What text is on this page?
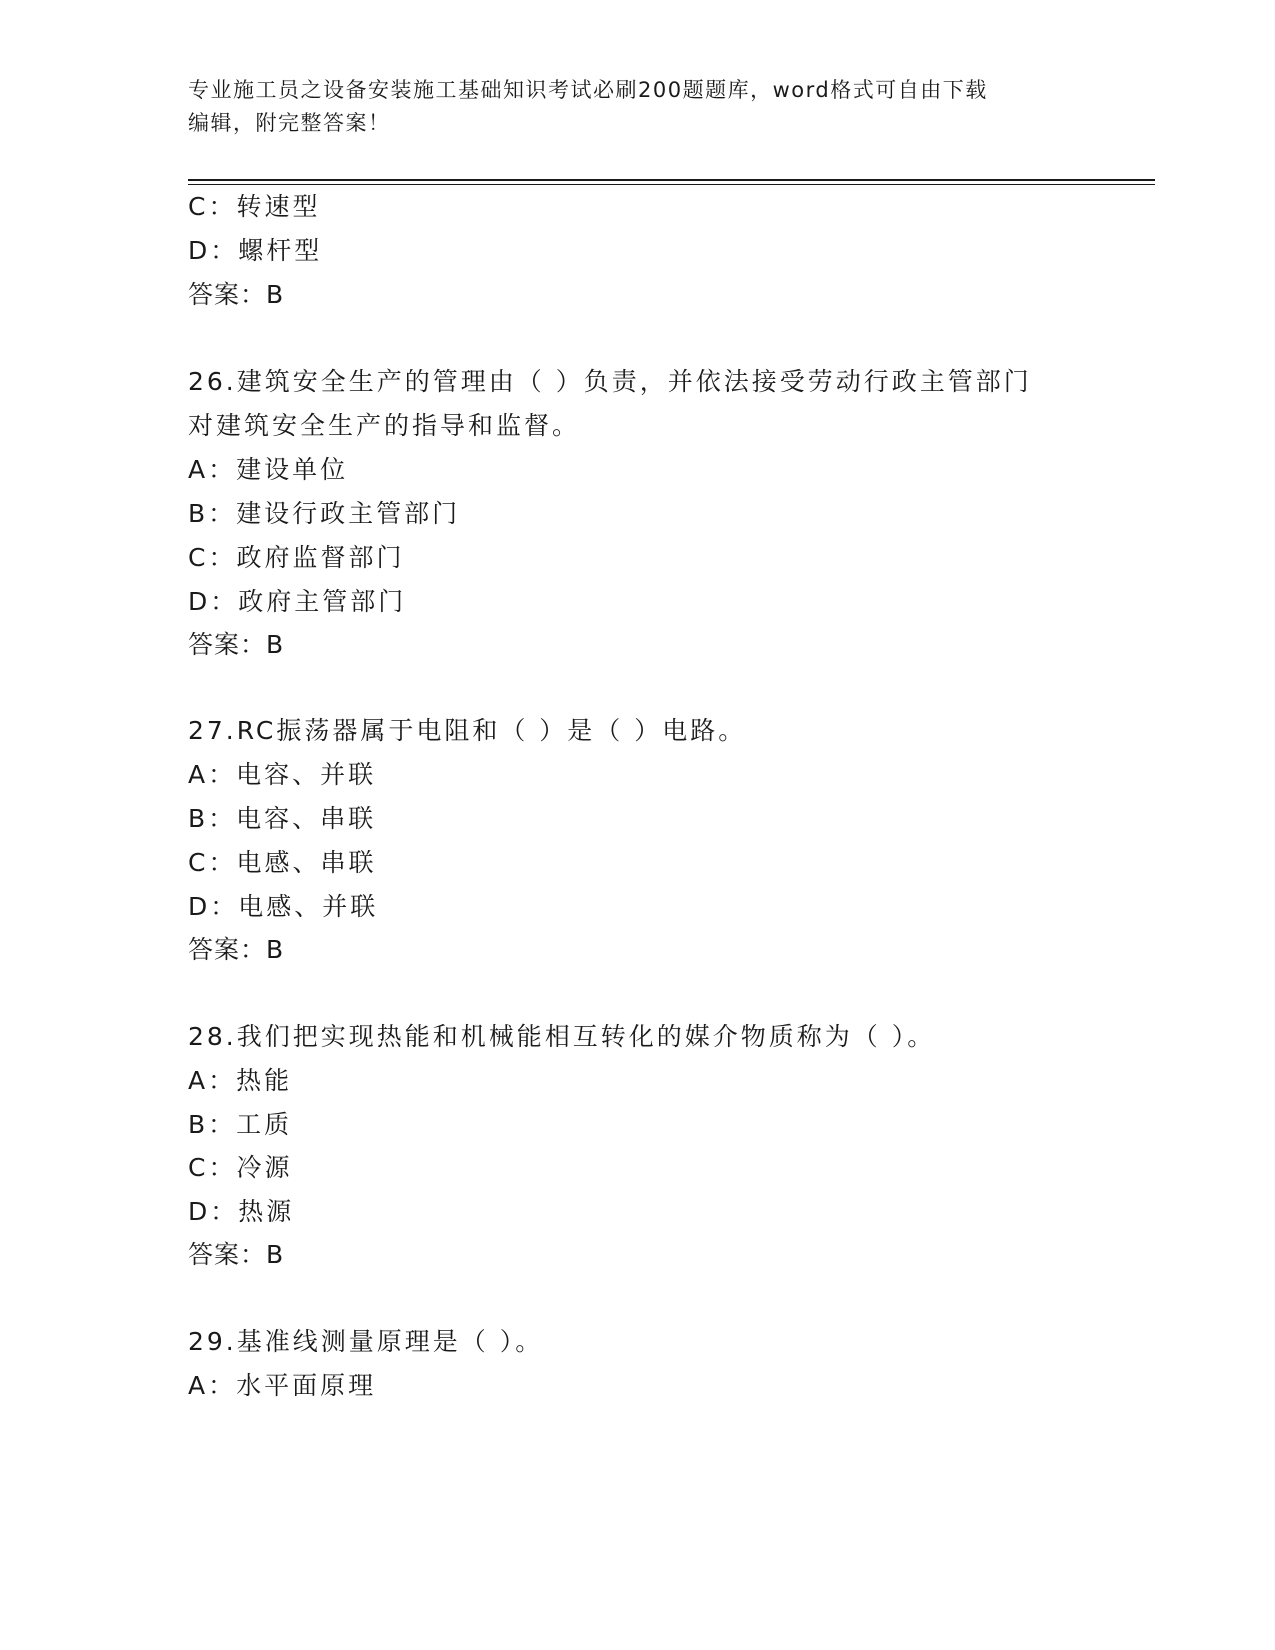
专业施工员之设备安装施工基础知识考试必刷200题题库，word格式可自由下载
编辑，附完整答案！
C：转速型
D：螺杆型
答案：B
26.建筑安全生产的管理由（ ）负责，并依法接受劳动行政主管部门
对建筑安全生产的指导和监督。
A：建设单位
B：建设行政主管部门
C：政府监督部门
D：政府主管部门
答案：B
27.RC振荡器属于电阻和（ ）是（ ）电路。
A：电容、并联
B：电容、串联
C：电感、串联
D：电感、并联
答案：B
28.我们把实现热能和机械能相互转化的媒介物质称为（ ）。
A：热能
B：工质
C：冷源
D：热源
答案：B
29.基准线测量原理是（ ）。
A：水平面原理
